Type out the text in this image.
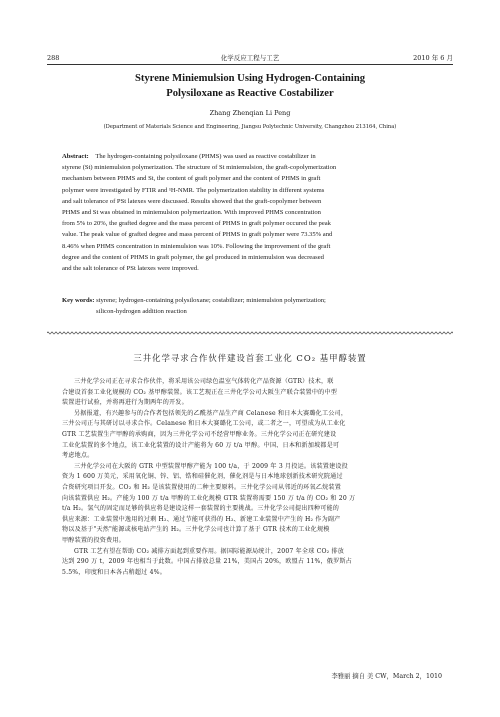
288	化学反应工程与工艺	2010 年 6 月
Styrene Miniemulsion Using Hydrogen-Containing
Polysiloxane as Reactive Costabilizer
Zhang Zhenqian Li Peng
(Department of Materials Science and Engineering, Jiangsu Polytechnic University, Changzhou 213164, China)
Abstract: The hydrogen-containing polysiloxane (PHMS) was used as reactive costabilizer in
styrene (St) miniemulsion polymerization. The structure of St miniemulsion, the graft-copolymerization
mechanism between PHMS and St, the content of graft polymer and the content of PHMS in graft
polymer were investigated by FTIR and ¹H-NMR. The polymerization stability in different systems
and salt tolerance of PSt latexes were discussed. Results showed that the graft-copolymer between
PHMS and St was obtained in miniemulsion polymerization. With improved PHMS concentration
from 5% to 20%, the grafted degree and the mass percent of PHMS in graft polymer occured the peak
value. The peak value of grafted degree and mass percent of PHMS in graft polymer were 73.35% and
8.46% when PHMS concentration in miniemulsion was 10%. Following the improvement of the graft
degree and the content of PHMS in graft polymer, the gel produced in miniemulsion was decreased
and the salt tolerance of PSt latexes were improved.
Key words: styrene; hydrogen-containing polysiloxane; costabilizer; miniemulsion polymerization;
silicon-hydrogen addition reaction
三井化学寻求合作伙伴建设首套工业化 CO₂ 基甲醇装置
三井化学公司正在寻求合作伙伴，将采用该公司绿色温室气体转化产品资源（GTR）技术，联
合建设首套工业化规模的 CO₂ 基甲醇装置。该工艺现正在三井化学公司大阪生产联合装置中的中型
装置进行试验，并将再进行为期两年的开发。
另据报道，有兴趣参与的合作者包括领先的乙酰基产品生产商 Celanese 和日本大赛璐化工公司，
三井公司正与其研讨以寻求合作。Celanese 和日本大赛璐化工公司，或二者之一，可望成为从工业化
GTR 工艺装置生产甲醇的承购商，因为三井化学公司不经营甲醇业务。三井化学公司正在研究建设
工业化装置的多个地点，该工业化装置的设计产能将为 60 万 t/a 甲醇。中国、日本和新加坡都是可
考虑地点。
三井化学公司在大阪的 GTR 中型装置甲醇产能为 100 t/a，于 2009 年 3 月投运。该装置建设投
资为 1 600 万美元，采用氧化铜、锌、铝、锆和硅催化剂，催化剂是与日本地球创新技术研究院通过
合资研究项目开发。CO₂ 和 H₂ 是该装置使用的二种主要原料。三井化学公司从邻近的环氧乙烷装置
向该装置供应 H₂。产能为 100 万 t/a 甲醇的工业化规模 GTR 装置将需要 150 万 t/a 的 CO₂ 和 20 万
t/a H₂。氢气的固定而足够的供应将是建设这样一套装置的主要挑战。三井化学公司提出四种可能的
供应来源：工业装置中逸用的过剩 H₂、通过节能可获得的 H₂、新建工业装置中产生的 H₂ 作为副产
物以及基于"天然"能源或核电站产生的 H₂。三井化学公司也计算了基于 GTR 技术的工业化规模
甲醇装置的投资费用。
GTR 工艺有望在帮助 CO₂ 减排方面起到重要作用。据国际能源局统计，2007 年全球 CO₂ 排放
达到 290 万 t，2009 年也相当于此数。中国占排放总量 21%，美国占 20%，欧盟占 11%，俄罗斯占
5.5%，印度和日本各占稍超过 4%。
李雅丽 摘自 美 CW，March 2，1010
